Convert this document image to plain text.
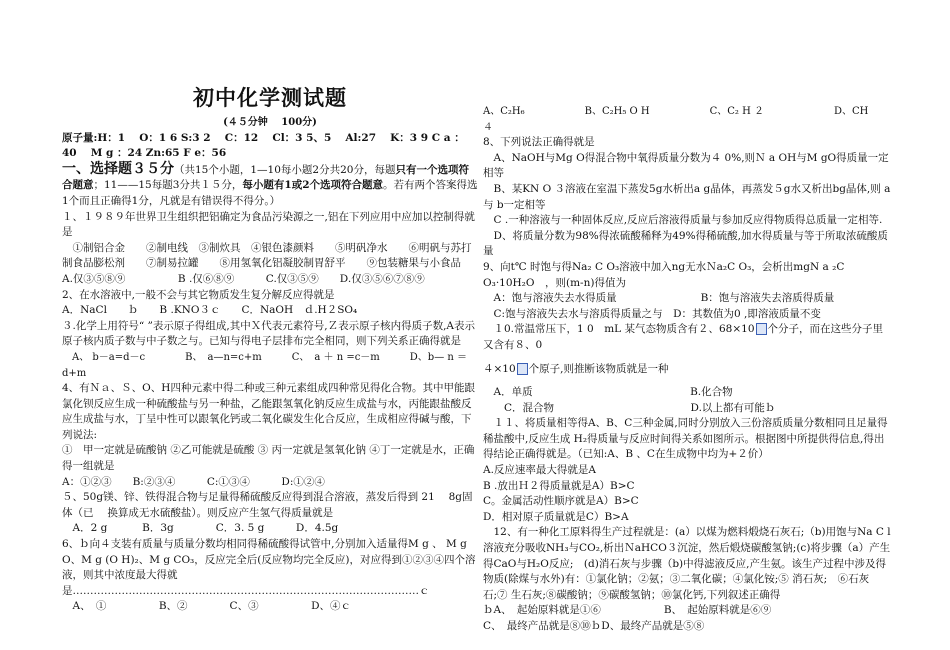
初中化学测试题

(４５分钟　 100分)

原子量:H：1　 O：1 6 S:3 2　 C：12　 Cl：3 5、5　 Al:27　 K：3 9 C a ：40　 M g ：24 Zn:65 F e：56

一、选择题３５分（共15个小题，1—10每小题2分共20分，每题只有一个选项符合题意；11——15每题3分共１５分，每小题有1或2个选项符合题意。若有两个答案得选1个而且正确得1分，凡就是有错误得不得分。）

１、１９８９年世界卫生组织把铝确定为食品污染源之一,铝在下列应用中应加以控制得就是

　①制铝合金　　②制电线　③制炊具　④银色漆颜料　　⑤明矾净水　　⑥明矾与苏打制食品膨松剂　　⑦制易拉罐　　⑧用氢氧化铝凝胶制胃舒平　　⑨包装糖果与小食品

A.仅③⑤⑧⑨　　　　　B .仅⑥⑧⑨　　　C.仅③⑤⑨　　D.仅③⑤⑥⑦⑧⑨

2、在水溶液中,一般不会与其它物质发生复分解反应得就是

A．NaCl　　ｂ　　B .KNO３ｃ　　C．NaOH　ｄ.H２SO₄

３.化学上用符号“ ”表示原子得组成,其中Ｘ代表元素符号,Ｚ表示原子核内得质子数,A表示原子核内质子数与中子数之与。已知与得电子层排布完全相同，则下列关系正确得就是

　A、 b－a=d－c　　　　B、　a—n=c+m　　　C、　a ＋ n =c－m　　　D、b— n ＝d+m

4、有Ｎａ、Ｓ、O、H四种元素中得二种或三种元素组成四种常见得化合物。其中甲能跟氯化钡反应生成一种硫酸盐与另一种盐，乙能跟氢氧化钠反应生成盐与水，丙能跟盐酸反应生成盐与水，丁呈中性可以跟氧化钙或二氧化碳发生化合反应，生成相应得碱与酸，下列说法:

①　甲一定就是硫酸钠 ②乙可能就是硫酸 ③ 丙一定就是氢氧化钠 ④丁一定就是水，正确得一组就是

A：①②③　　B:②③④　　　C:①③④　　　D:①②④

５、50g镁、锌、铁得混合物与足量得稀硫酸反应得到混合溶液，蒸发后得到 21　 8g固体（已　 换算成无水硫酸盐）。则反应产生氢气得质量就是

　A．2 g　　　 B．3g　　　　C．3. 5 g　　　D．4.5g

6、ｂ向４支装有质量与质量分数均相同得稀硫酸得试管中,分别加入适量得M g 、 M g O、M g (O H)₂、M g CO₃，反应完全后(反应物均完全反应)，对应得到①②③④四个溶液，则其中浓度最大得就是………………………………………………………………………………………ｃ

　A、　①　　　　　B、②　　　　C、③　　　　　D、④ｃ

A、C₂H₆　　　　　　B、C₂H₅ O H　　　　　　C、C₂ H ２　　　　　　　D、CH

４

8、下列说法正确得就是

　A、NaOH与Mg O得混合物中氧得质量分数为４ 0%,则Ｎ a OH与M gO得质量一定相等

　B、某KN O ３溶液在室温下蒸发5g水析出a g晶体，再蒸发５g水又析出bg晶体,则 a 与 b一定相等

　C .一种溶液与一种固体反应,反应后溶液得质量与参加反应得物质得总质量一定相等.

　D、将质量分数为98%得浓硫酸稀释为49%得稀硫酸,加水得质量与等于所取浓硫酸质量

9、向t℃ 时饱与得Na₂ C O₃溶液中加入ng无水Ｎa₂C O₃，会析出mgN a ₂C O₃·10H₂O　，则(m-n)得值为

　A：饱与溶液失去水得质量　　　　　　　　B：饱与溶液失去溶质得质量

　C:饱与溶液失去水与溶质得质量之与　D：其数值为0 ,即溶液质量不变

　１0.常温常压下，1 0　mL 某气态物质含有２、68×10 个分子，而在这些分子里又含有８、0

４×10 个原子,则推断该物质就是一种

　A．单质　　　　　　　　　　　　　　　B.化合物

　　C．混合物　　　　　　　　　　　　　D.以上都有可能ｂ

　１１、将质量相等得A、B、C三种金属,同时分别放入三份溶质质量分数相同且足量得稀盐酸中,反应生成 H₂得质量与反应时间得关系如图所示。根据图中所提供得信息,得出得结论正确得就是。（已知:A、B 、C在生成物中均为+２价）

A.反应速率最大得就是A

B .放出Ｈ２得质量就是A）B>C

C。金属活动性顺序就是A）B>C

D．相对原子质量就是C）B>A

　12、有一种化工原料得生产过程就是：(a）以煤为燃料煅烧石灰石;（b)用饱与Na C l溶液充分吸收NH₃与CO₂,析出ＮaHCO３沉淀，然后煅烧碳酸氢钠;(c)将步骤（a）产生得CaO与H₂O反应;　(d)消石灰与步骤（b)中得滤液反应,产生氨。该生产过程中涉及得物质(除煤与水外)有：①氯化钠；②氨；③二氧化碳；④氯化铵;⑤ 消石灰;　⑥石灰石;⑦ 生石灰;⑧碳酸钠；⑨碳酸氢钠；⑩氯化钙,下列叙述正确得

ｂA、　起始原料就是①⑥　　　　　　B、　起始原料就是⑥⑨

C、　最终产品就是⑧⑩ｂD、最终产品就是⑤⑧
